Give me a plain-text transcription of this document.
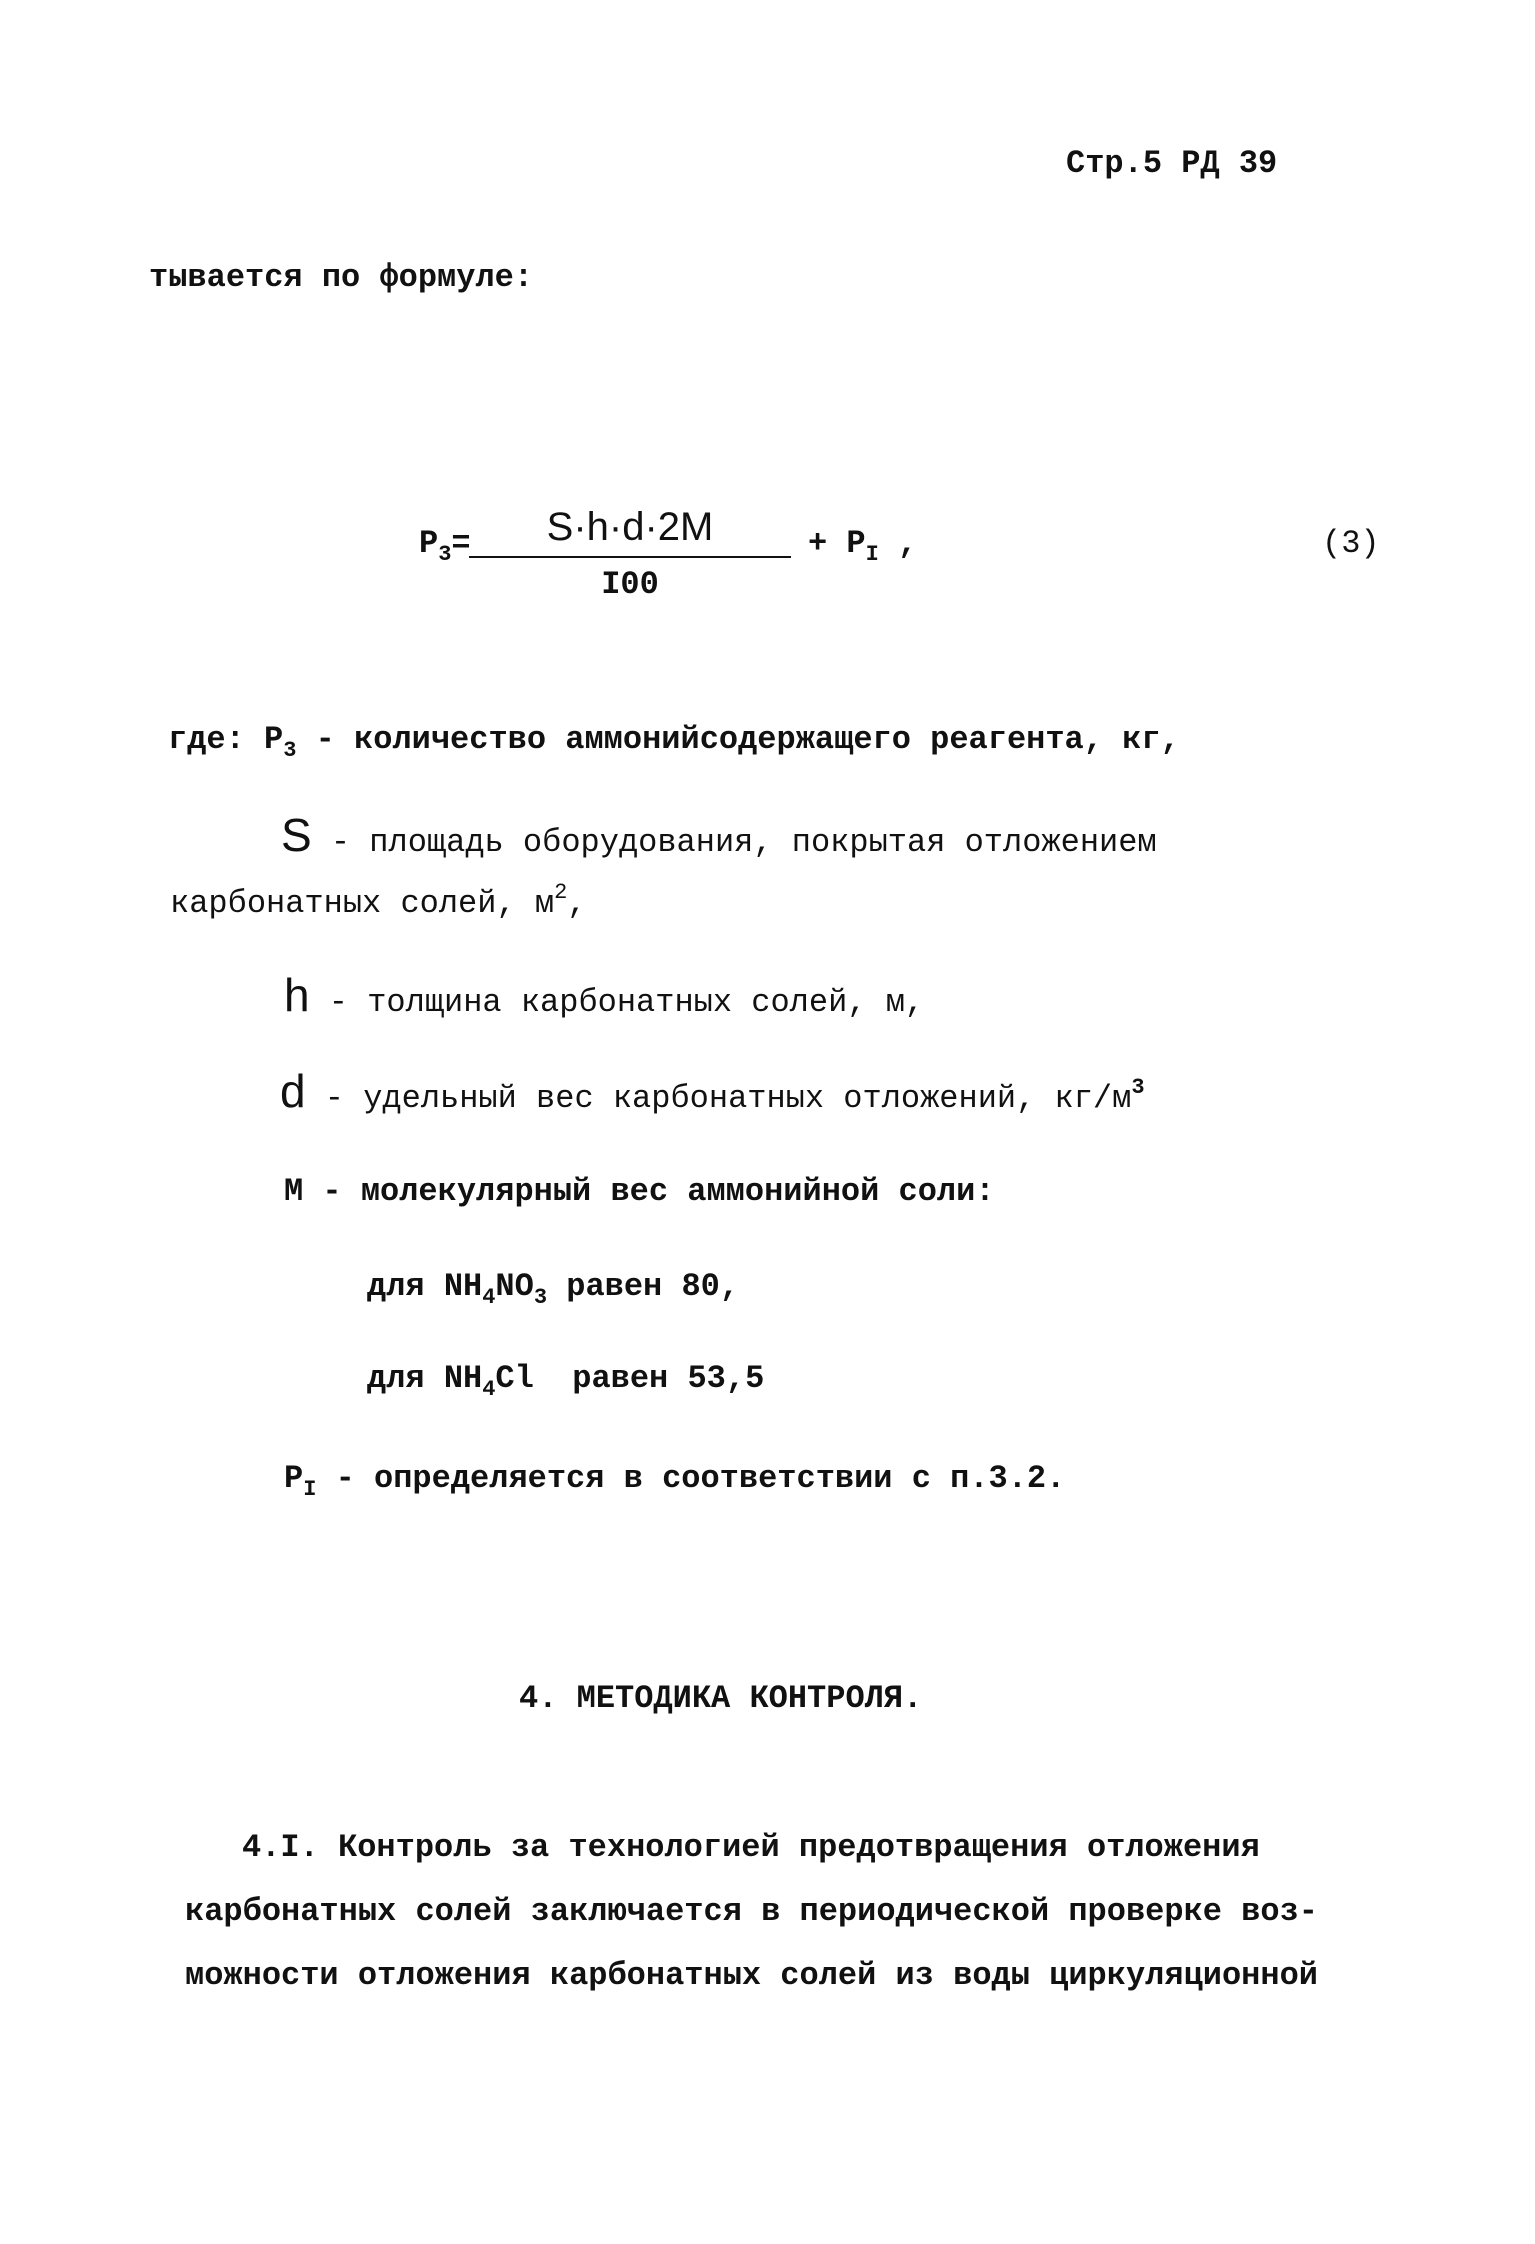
Стр.5 РД 39
тывается по формуле:
$P_3=$	S·h·d·2M
I00
+ $P_I$ ,	(3)
где: $P_3$ - количество аммонийсодержащего реагента, кг,
S - площадь оборудования, покрытая отложением
карбонатных солей, $м^2$,
h - толщина карбонатных солей, м,
d - удельный вес карбонатных отложений, $кг/м^3$
M - молекулярный вес аммонийной соли:
для $NH_4NO_3$ равен 80,
для $NH_4Cl$  равен 53,5
$P_I$ - определяется в соответствии с п.3.2.
4. МЕТОДИКА КОНТРОЛЯ.
4.I. Контроль за технологией предотвращения отложения
карбонатных солей заключается в периодической проверке воз-
можности отложения карбонатных солей из воды циркуляционной
